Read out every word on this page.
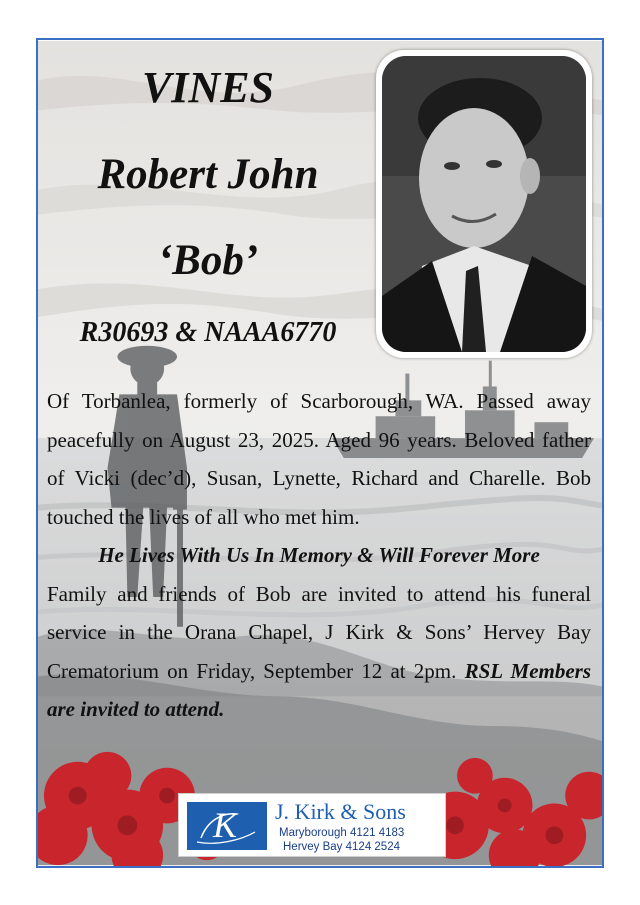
VINES
Robert John
‘Bob’
R30693 & NAAA6770

Of Torbanlea, formerly of Scarborough, WA. Passed away peacefully on August 23, 2025. Aged 96 years. Beloved father of Vicki (dec’d), Susan, Lynette, Richard and Charelle. Bob touched the lives of all who met him.
He Lives With Us In Memory & Will Forever More
Family and friends of Bob are invited to attend his funeral service in the Orana Chapel, J Kirk & Sons’ Hervey Bay Crematorium on Friday, September 12 at 2pm. RSL Members are invited to attend.

K J. Kirk & Sons
Maryborough 4121 4183
Hervey Bay 4124 2524
